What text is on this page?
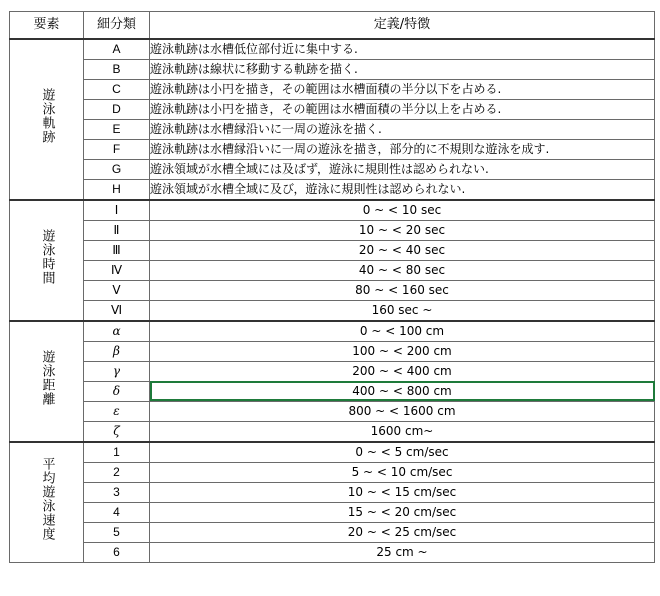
要素	細分類	定義/特徴
遊泳軌跡	A	遊泳軌跡は水槽低位部付近に集中する.
	B	遊泳軌跡は線状に移動する軌跡を描く.
	C	遊泳軌跡は小円を描き，その範囲は水槽面積の半分以下を占める.
	D	遊泳軌跡は小円を描き，その範囲は水槽面積の半分以上を占める.
	E	遊泳軌跡は水槽縁沿いに一周の遊泳を描く.
	F	遊泳軌跡は水槽縁沿いに一周の遊泳を描き，部分的に不規則な遊泳を成す.
	G	遊泳領域が水槽全域には及ばず，遊泳に規則性は認められない.
	H	遊泳領域が水槽全域に及び，遊泳に規則性は認められない.
遊泳時間	Ⅰ	0 ~ < 10 sec
	Ⅱ	10 ~ < 20 sec
	Ⅲ	20 ~ < 40 sec
	Ⅳ	40 ~ < 80 sec
	Ⅴ	80 ~ < 160 sec
	Ⅵ	160 sec ~
遊泳距離	α	0 ~ < 100 cm
	β	100 ~ < 200 cm
	γ	200 ~ < 400 cm
	δ	400 ~ < 800 cm
	ε	800 ~ < 1600 cm
	ζ	1600 cm~
平均遊泳速度	1	0 ~ < 5 cm/sec
	2	5 ~ < 10 cm/sec
	3	10 ~ < 15 cm/sec
	4	15 ~ < 20 cm/sec
	5	20 ~ < 25 cm/sec
	6	25 cm ~
